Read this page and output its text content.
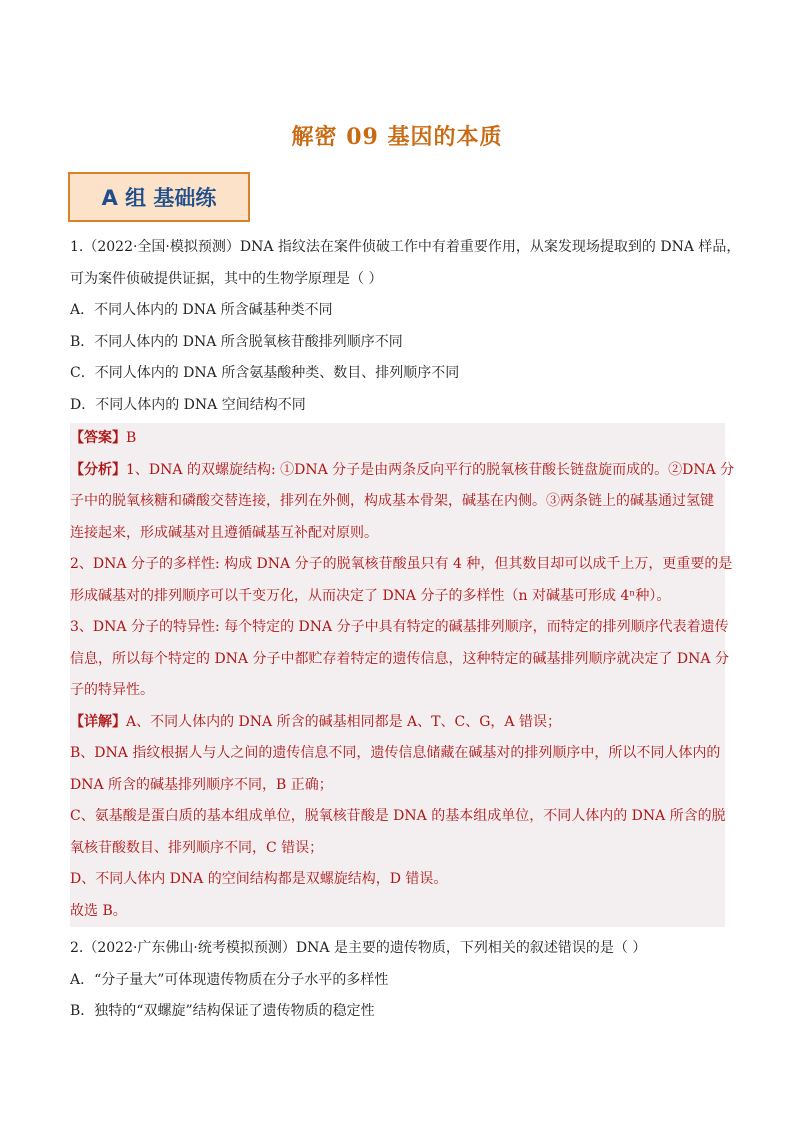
解密 09 基因的本质
A 组 基础练
1.（2022·全国·模拟预测）DNA 指纹法在案件侦破工作中有着重要作用，从案发现场提取到的 DNA 样品，
可为案件侦破提供证据，其中的生物学原理是（ ）
A．不同人体内的 DNA 所含碱基种类不同
B．不同人体内的 DNA 所含脱氧核苷酸排列顺序不同
C．不同人体内的 DNA 所含氨基酸种类、数目、排列顺序不同
D．不同人体内的 DNA 空间结构不同
【答案】B
【分析】1、DNA 的双螺旋结构: ①DNA 分子是由两条反向平行的脱氧核苷酸长链盘旋而成的。②DNA 分
子中的脱氧核糖和磷酸交替连接，排列在外侧，构成基本骨架，碱基在内侧。③两条链上的碱基通过氢键
连接起来，形成碱基对且遵循碱基互补配对原则。
2、DNA 分子的多样性: 构成 DNA 分子的脱氧核苷酸虽只有 4 种，但其数目却可以成千上万，更重要的是
形成碱基对的排列顺序可以千变万化，从而决定了 DNA 分子的多样性（n 对碱基可形成 4ⁿ种）。
3、DNA 分子的特异性: 每个特定的 DNA 分子中具有特定的碱基排列顺序，而特定的排列顺序代表着遗传
信息，所以每个特定的 DNA 分子中都贮存着特定的遗传信息，这种特定的碱基排列顺序就决定了 DNA 分
子的特异性。
【详解】A、不同人体内的 DNA 所含的碱基相同都是 A、T、C、G，A 错误；
B、DNA 指纹根据人与人之间的遗传信息不同，遗传信息储藏在碱基对的排列顺序中，所以不同人体内的
DNA 所含的碱基排列顺序不同，B 正确；
C、氨基酸是蛋白质的基本组成单位，脱氧核苷酸是 DNA 的基本组成单位，不同人体内的 DNA 所含的脱
氧核苷酸数目、排列顺序不同，C 错误；
D、不同人体内 DNA 的空间结构都是双螺旋结构，D 错误。
故选 B。
2.（2022·广东佛山·统考模拟预测）DNA 是主要的遗传物质，下列相关的叙述错误的是（ ）
A．“分子量大”可体现遗传物质在分子水平的多样性
B．独特的“双螺旋”结构保证了遗传物质的稳定性
